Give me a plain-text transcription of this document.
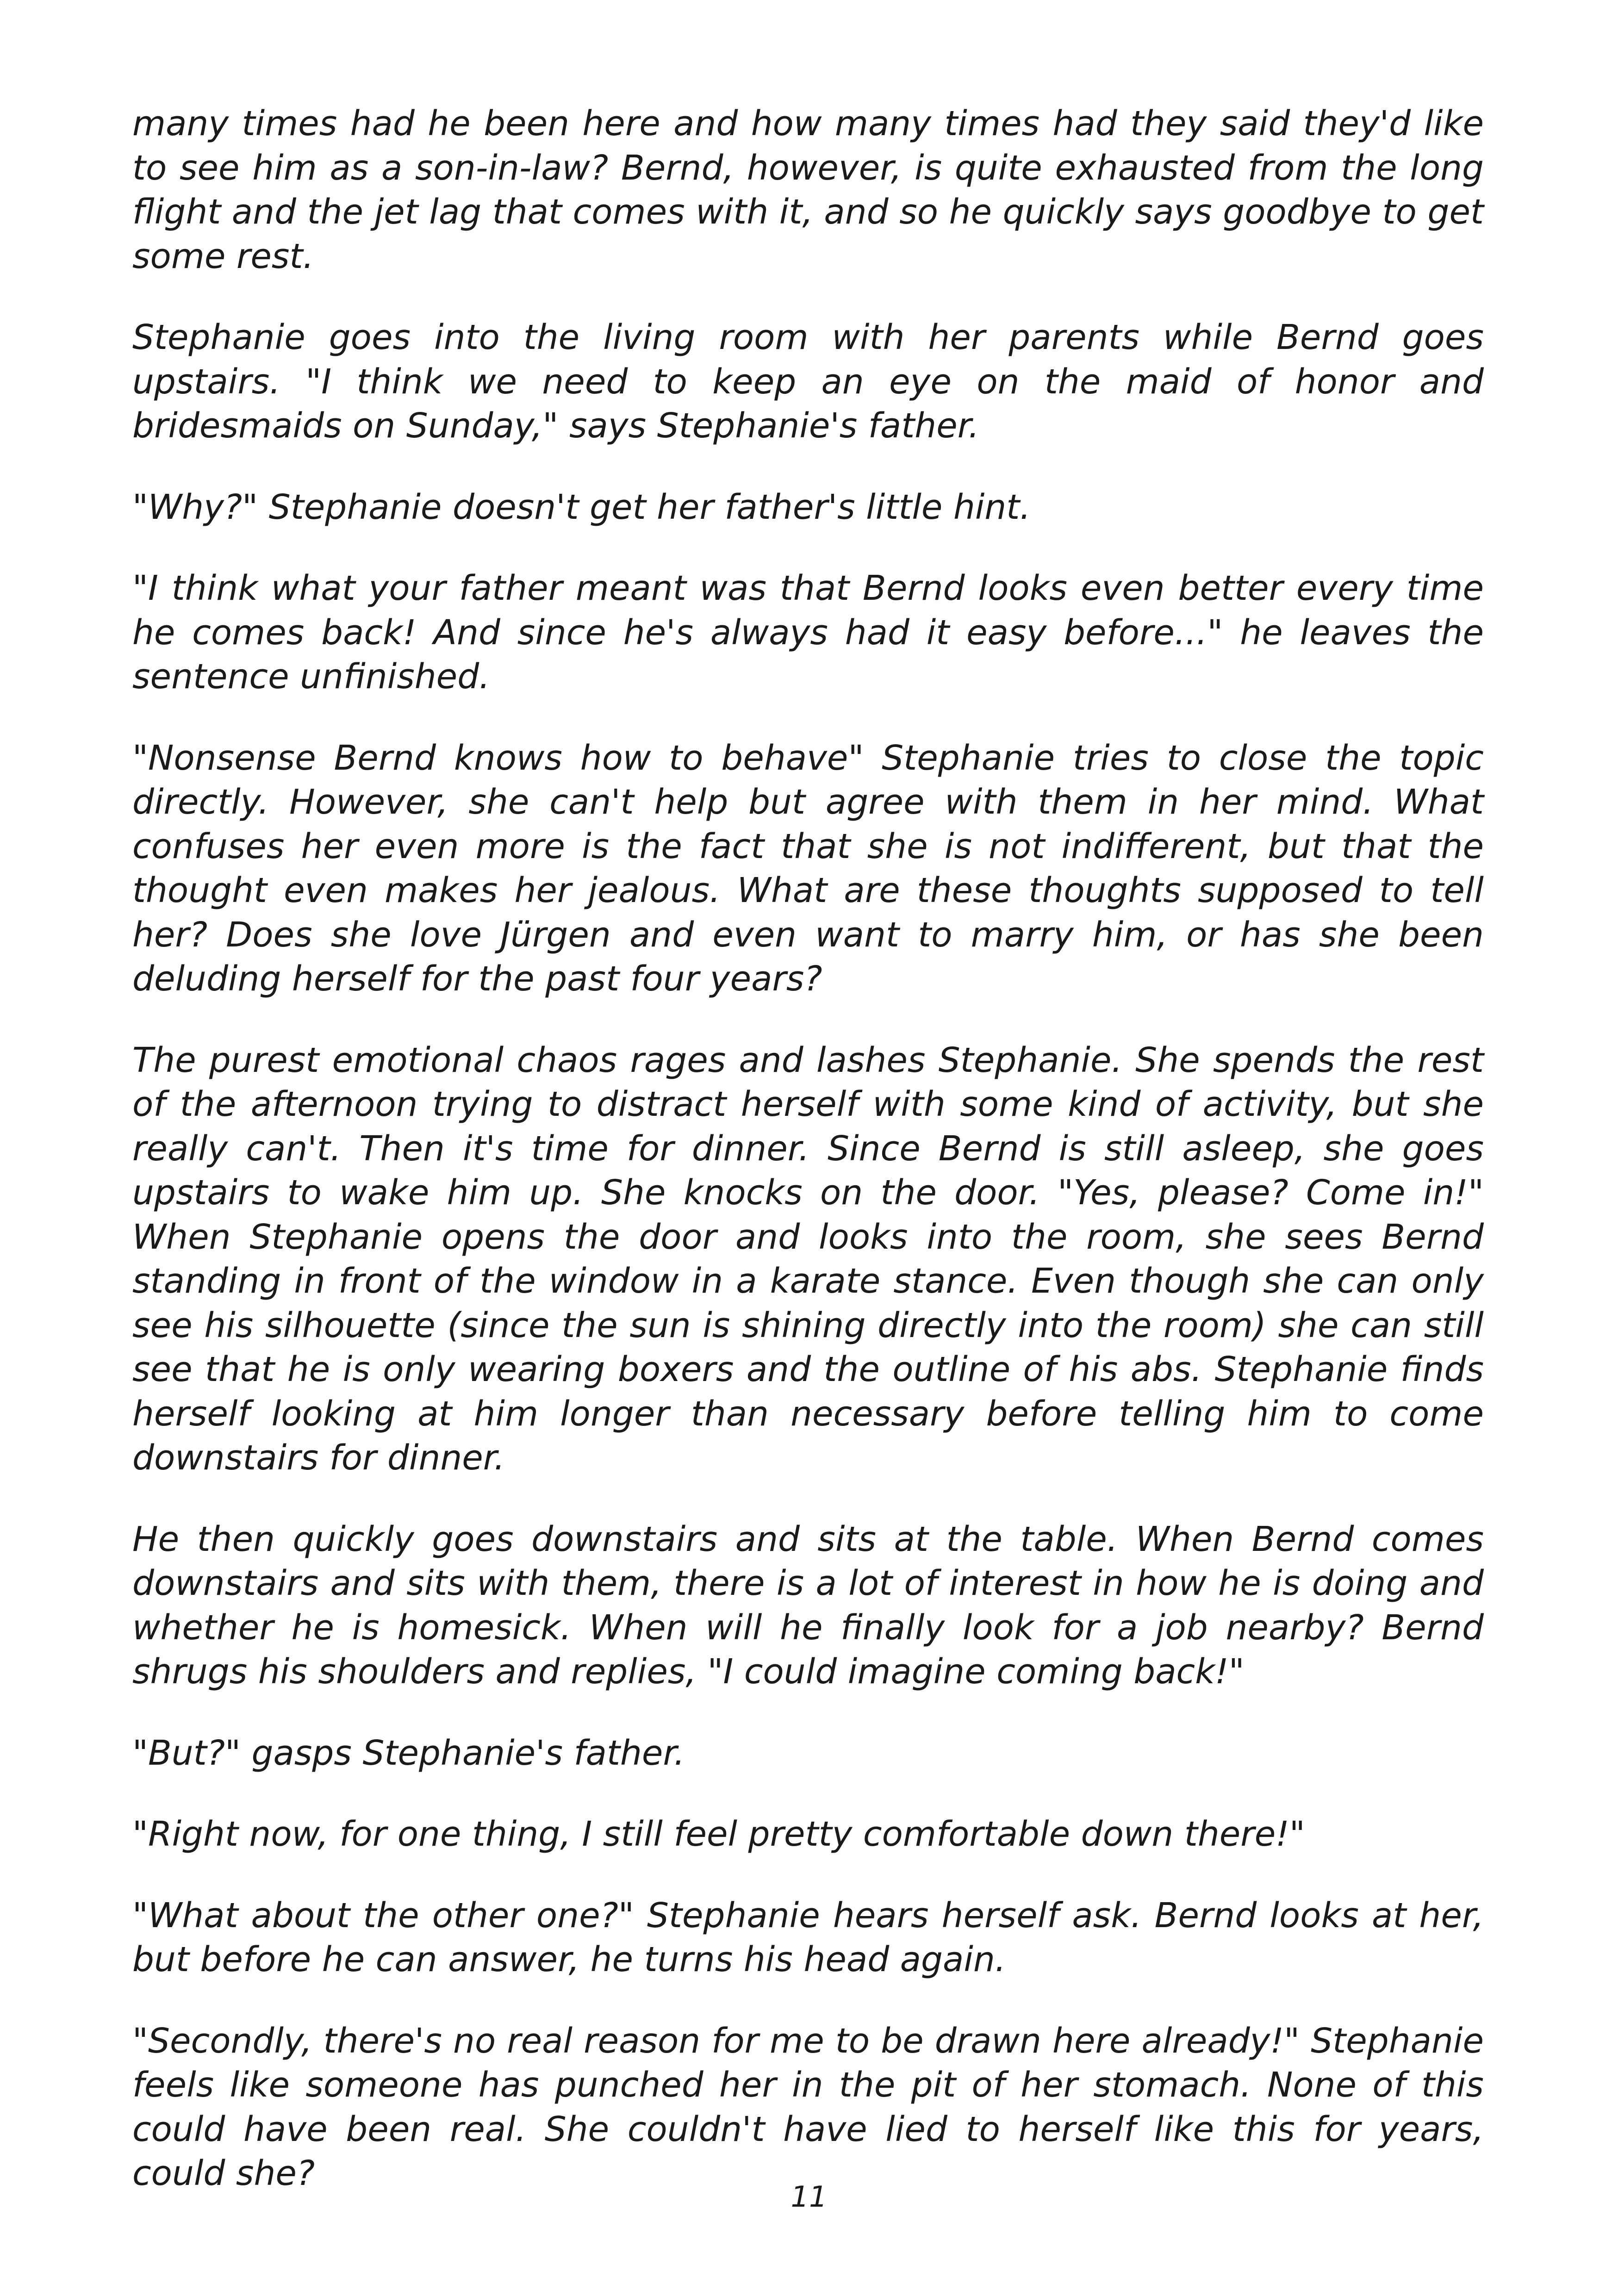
many times had he been here and how many times had they said they'd like to see him as a son-in-law? Bernd, however, is quite exhausted from the long flight and the jet lag that comes with it, and so he quickly says goodbye to get some rest.

Stephanie goes into the living room with her parents while Bernd goes upstairs. "I think we need to keep an eye on the maid of honor and bridesmaids on Sunday," says Stephanie's father.

"Why?" Stephanie doesn't get her father's little hint.

"I think what your father meant was that Bernd looks even better every time he comes back! And since he's always had it easy before..." he leaves the sentence unfinished.

"Nonsense Bernd knows how to behave" Stephanie tries to close the topic directly. However, she can't help but agree with them in her mind. What confuses her even more is the fact that she is not indifferent, but that the thought even makes her jealous. What are these thoughts supposed to tell her? Does she love Jürgen and even want to marry him, or has she been deluding herself for the past four years?

The purest emotional chaos rages and lashes Stephanie. She spends the rest of the afternoon trying to distract herself with some kind of activity, but she really can't. Then it's time for dinner. Since Bernd is still asleep, she goes upstairs to wake him up. She knocks on the door. "Yes, please? Come in!" When Stephanie opens the door and looks into the room, she sees Bernd standing in front of the window in a karate stance. Even though she can only see his silhouette (since the sun is shining directly into the room) she can still see that he is only wearing boxers and the outline of his abs. Stephanie finds herself looking at him longer than necessary before telling him to come downstairs for dinner.

He then quickly goes downstairs and sits at the table. When Bernd comes downstairs and sits with them, there is a lot of interest in how he is doing and whether he is homesick. When will he finally look for a job nearby? Bernd shrugs his shoulders and replies, "I could imagine coming back!"

"But?" gasps Stephanie's father.

"Right now, for one thing, I still feel pretty comfortable down there!"

"What about the other one?" Stephanie hears herself ask. Bernd looks at her, but before he can answer, he turns his head again.

"Secondly, there's no real reason for me to be drawn here already!" Stephanie feels like someone has punched her in the pit of her stomach. None of this could have been real. She couldn't have lied to herself like this for years, could she?

11
